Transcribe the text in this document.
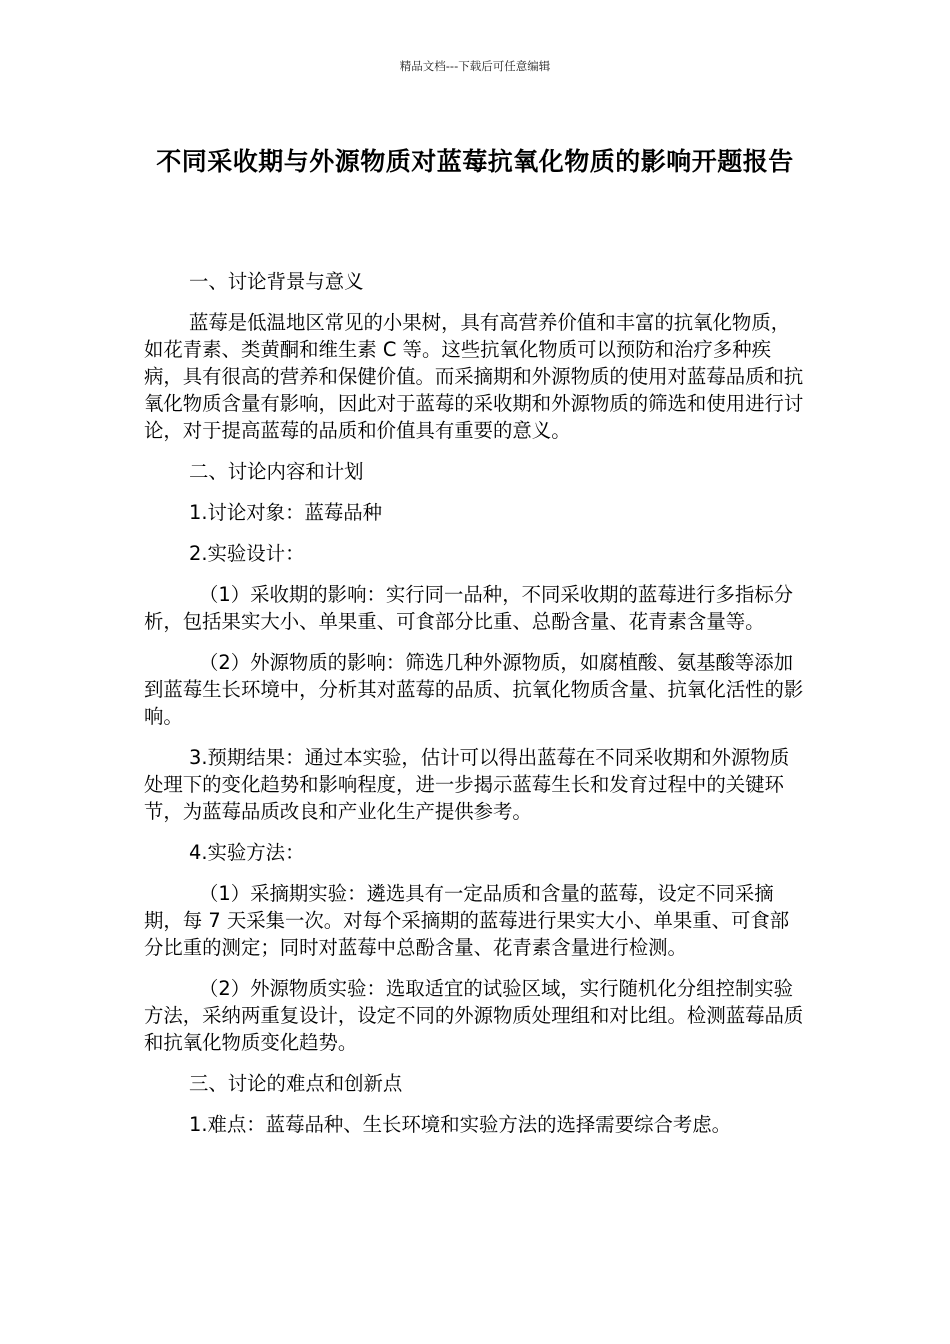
精品文档---下载后可任意编辑
不同采收期与外源物质对蓝莓抗氧化物质的影响开题报告

一、讨论背景与意义

蓝莓是低温地区常见的小果树，具有高营养价值和丰富的抗氧化物质，如花青素、类黄酮和维生素 C 等。这些抗氧化物质可以预防和治疗多种疾病，具有很高的营养和保健价值。而采摘期和外源物质的使用对蓝莓品质和抗氧化物质含量有影响，因此对于蓝莓的采收期和外源物质的筛选和使用进行讨论，对于提高蓝莓的品质和价值具有重要的意义。

二、讨论内容和计划

1.讨论对象：蓝莓品种

2.实验设计：

（1）采收期的影响：实行同一品种，不同采收期的蓝莓进行多指标分析，包括果实大小、单果重、可食部分比重、总酚含量、花青素含量等。

（2）外源物质的影响：筛选几种外源物质，如腐植酸、氨基酸等添加到蓝莓生长环境中，分析其对蓝莓的品质、抗氧化物质含量、抗氧化活性的影响。

3.预期结果：通过本实验，估计可以得出蓝莓在不同采收期和外源物质处理下的变化趋势和影响程度，进一步揭示蓝莓生长和发育过程中的关键环节，为蓝莓品质改良和产业化生产提供参考。

4.实验方法：

（1）采摘期实验：遴选具有一定品质和含量的蓝莓，设定不同采摘期，每 7 天采集一次。对每个采摘期的蓝莓进行果实大小、单果重、可食部分比重的测定；同时对蓝莓中总酚含量、花青素含量进行检测。

（2）外源物质实验：选取适宜的试验区域，实行随机化分组控制实验方法，采纳两重复设计，设定不同的外源物质处理组和对比组。检测蓝莓品质和抗氧化物质变化趋势。

三、讨论的难点和创新点

1.难点：蓝莓品种、生长环境和实验方法的选择需要综合考虑。
